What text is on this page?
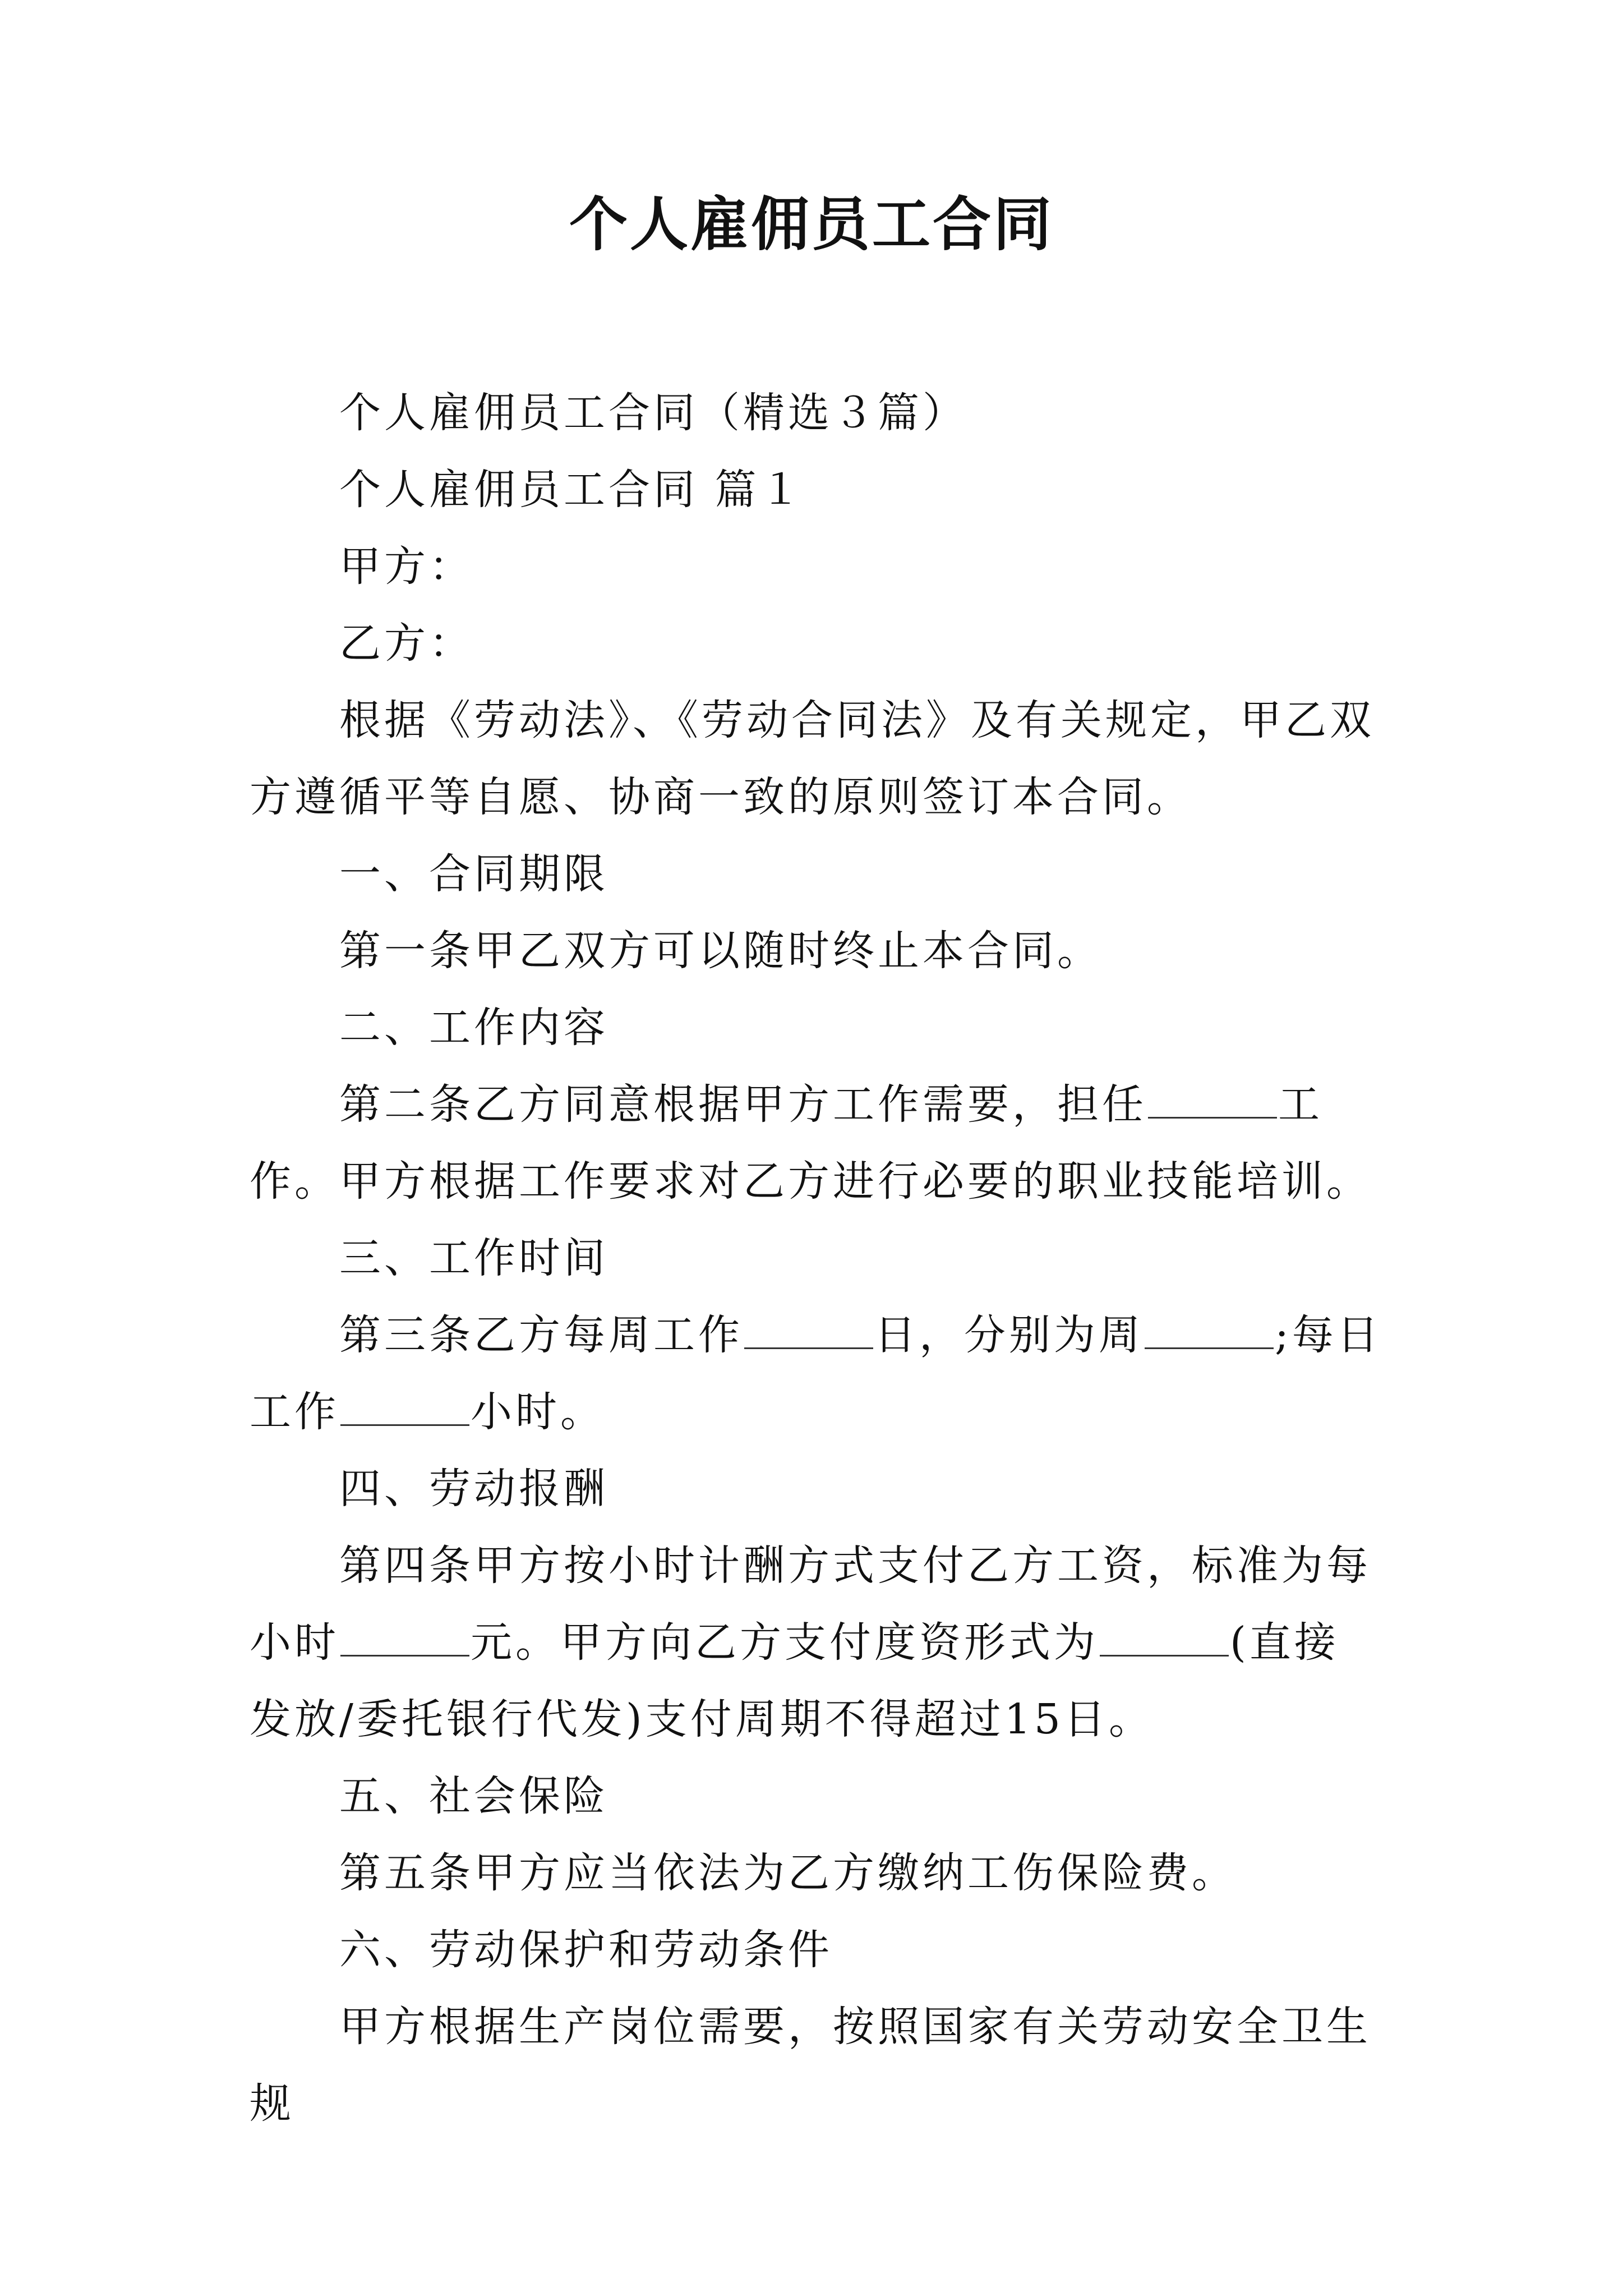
个人雇佣员工合同

个人雇佣员工合同（精选３篇）

个人雇佣员工合同 篇１

甲方：

乙方：

根据《劳动法》、《劳动合同法》及有关规定，甲乙双方遵循平等自愿、协商一致的原则签订本合同。

一、合同期限

第一条甲乙双方可以随时终止本合同。

二、工作内容

第二条乙方同意根据甲方工作需要，担任	工作。甲方根据工作要求对乙方进行必要的职业技能培训。

三、工作时间

第三条乙方每周工作	日，分别为周	;每日工作	小时。

四、劳动报酬

第四条甲方按小时计酬方式支付乙方工资，标准为每小时	元。甲方向乙方支付度资形式为	(直接发放/委托银行代发)支付周期不得超过15日。

五、社会保险

第五条甲方应当依法为乙方缴纳工伤保险费。

六、劳动保护和劳动条件

甲方根据生产岗位需要，按照国家有关劳动安全卫生规
